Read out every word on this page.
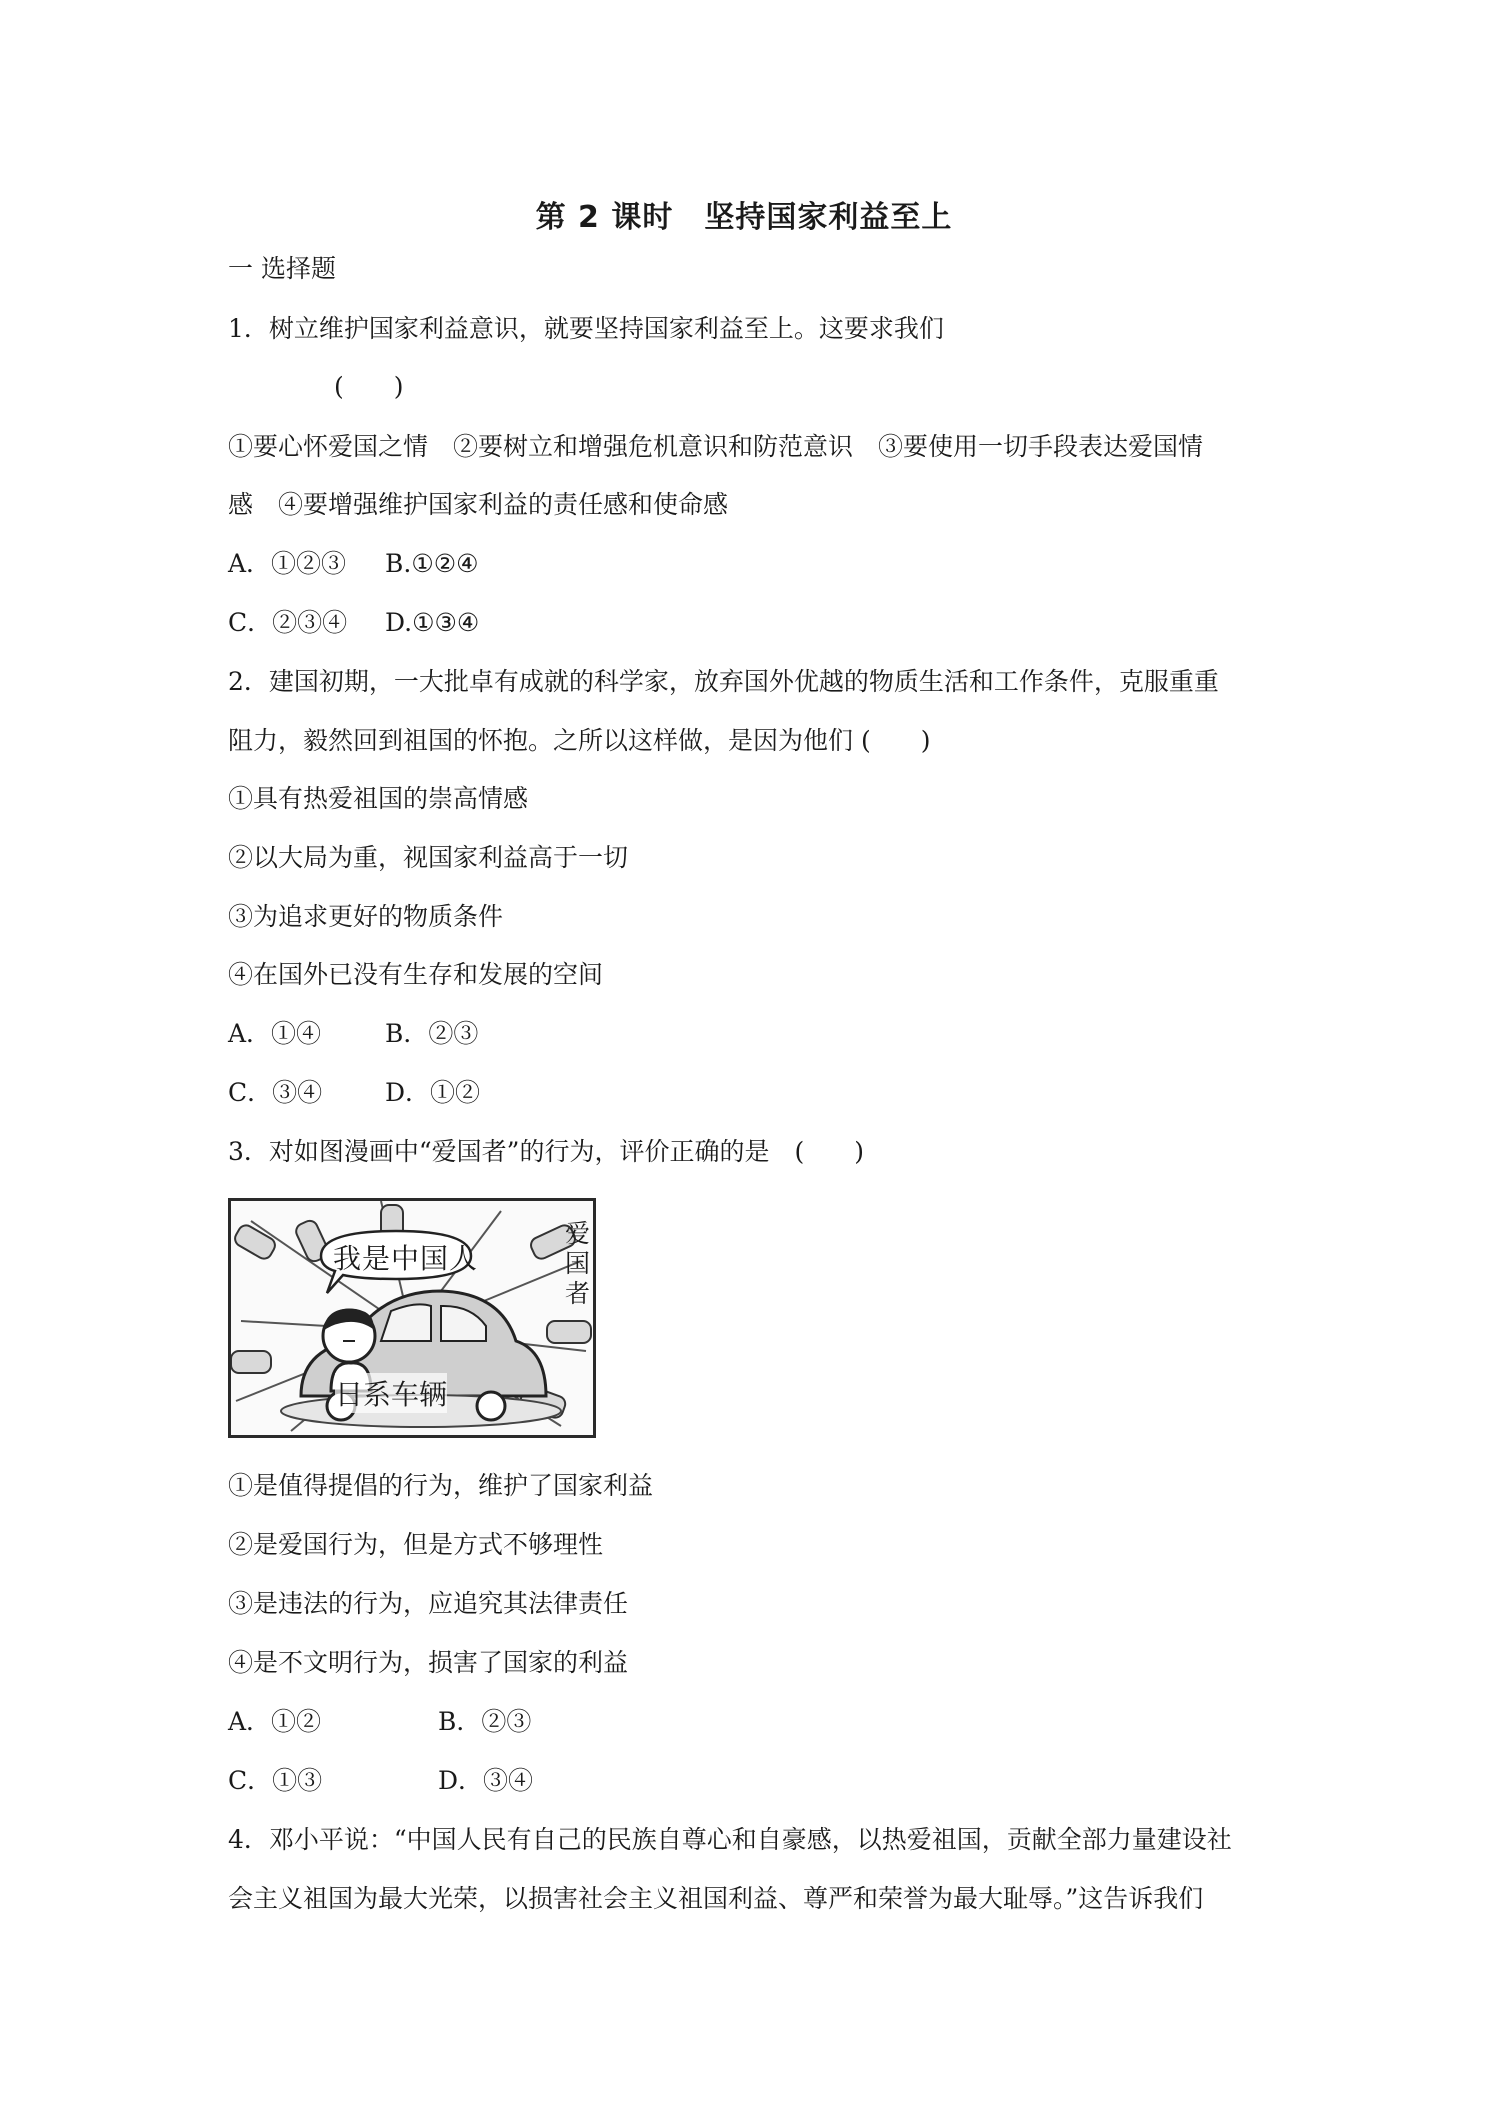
第 2 课时　坚持国家利益至上
一 选择题
1．树立维护国家利益意识，就要坚持国家利益至上。这要求我们
(　　)
①要心怀爱国之情　②要树立和增强危机意识和防范意识　③要使用一切手段表达爱国情
感　④要增强维护国家利益的责任感和使命感
A．①②③ B.①②④
C．②③④ D.①③④
2．建国初期，一大批卓有成就的科学家，放弃国外优越的物质生活和工作条件，克服重重
阻力，毅然回到祖国的怀抱。之所以这样做，是因为他们 (　　)
①具有热爱祖国的崇高情感
②以大局为重，视国家利益高于一切
③为追求更好的物质条件
④在国外已没有生存和发展的空间
A．①④	B．②③
C．③④	D．①②
3．对如图漫画中“爱国者”的行为，评价正确的是　(　　)
我是中国人
爱国者
日系车辆
①是值得提倡的行为，维护了国家利益
②是爱国行为，但是方式不够理性
③是违法的行为，应追究其法律责任
④是不文明行为，损害了国家的利益
A．①②	B．②③
C．①③	D．③④
4．邓小平说：“中国人民有自己的民族自尊心和自豪感，以热爱祖国，贡献全部力量建设社
会主义祖国为最大光荣，以损害社会主义祖国利益、尊严和荣誉为最大耻辱。”这告诉我们
